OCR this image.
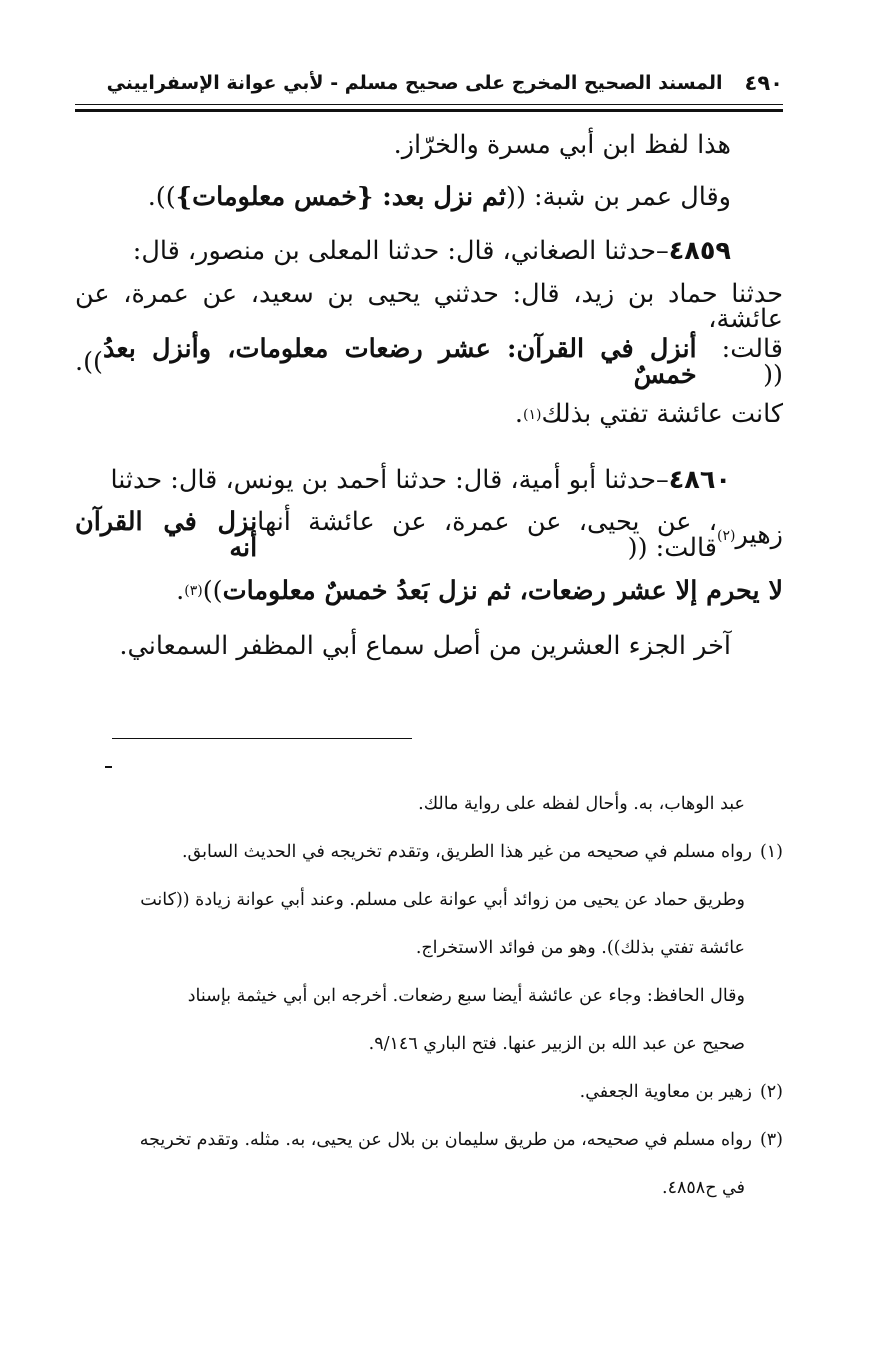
٤٩٠
المسند الصحيح المخرج على صحيح مسلم - لأبي عوانة الإسفراييني
هذا لفظ ابن أبي مسرة والخرّاز.
وقال عمر بن شبة: ((
ثم نزل بعد: {خمس معلومات}
)).
٤٨٥٩
–حدثنا الصغاني، قال: حدثنا المعلى بن منصور، قال:
حدثنا حماد بن زيد، قال: حدثني يحيى بن سعيد، عن عمرة، عن عائشة،
قالت: ((
أنزل في القرآن: عشر رضعات معلومات، وأنزل بعدُ خمسٌ
)).
كانت عائشة تفتي بذلك
(١)
.
٤٨٦٠
–حدثنا أبو أمية، قال: حدثنا أحمد بن يونس، قال: حدثنا
زهير
(٢)
، عن يحيى، عن عمرة، عن عائشة أنها قالت: ((
نزل في القرآن أنه
لا يحرم إلا عشر رضعات، ثم نزل بَعدُ خمسٌ معلومات
))
(٣)
.
آخر الجزء العشرين من أصل سماع أبي المظفر السمعاني.
عبد الوهاب، به. وأحال لفظه على رواية مالك.
(١)
رواه مسلم في صحيحه من غير هذا الطريق، وتقدم تخريجه في الحديث السابق.
وطريق حماد عن يحيى من زوائد أبي عوانة على مسلم. وعند أبي عوانة زيادة ((كانت
عائشة تفتي بذلك)). وهو من فوائد الاستخراج.
وقال الحافظ: وجاء عن عائشة أيضا سبع رضعات. أخرجه ابن أبي خيثمة بإسناد
صحيح عن عبد الله بن الزبير عنها. فتح الباري ٩/١٤٦.
(٢)
زهير بن معاوية الجعفي.
(٣)
رواه مسلم في صحيحه، من طريق سليمان بن بلال عن يحيى، به. مثله. وتقدم تخريجه
في ح٤٨٥٨.
